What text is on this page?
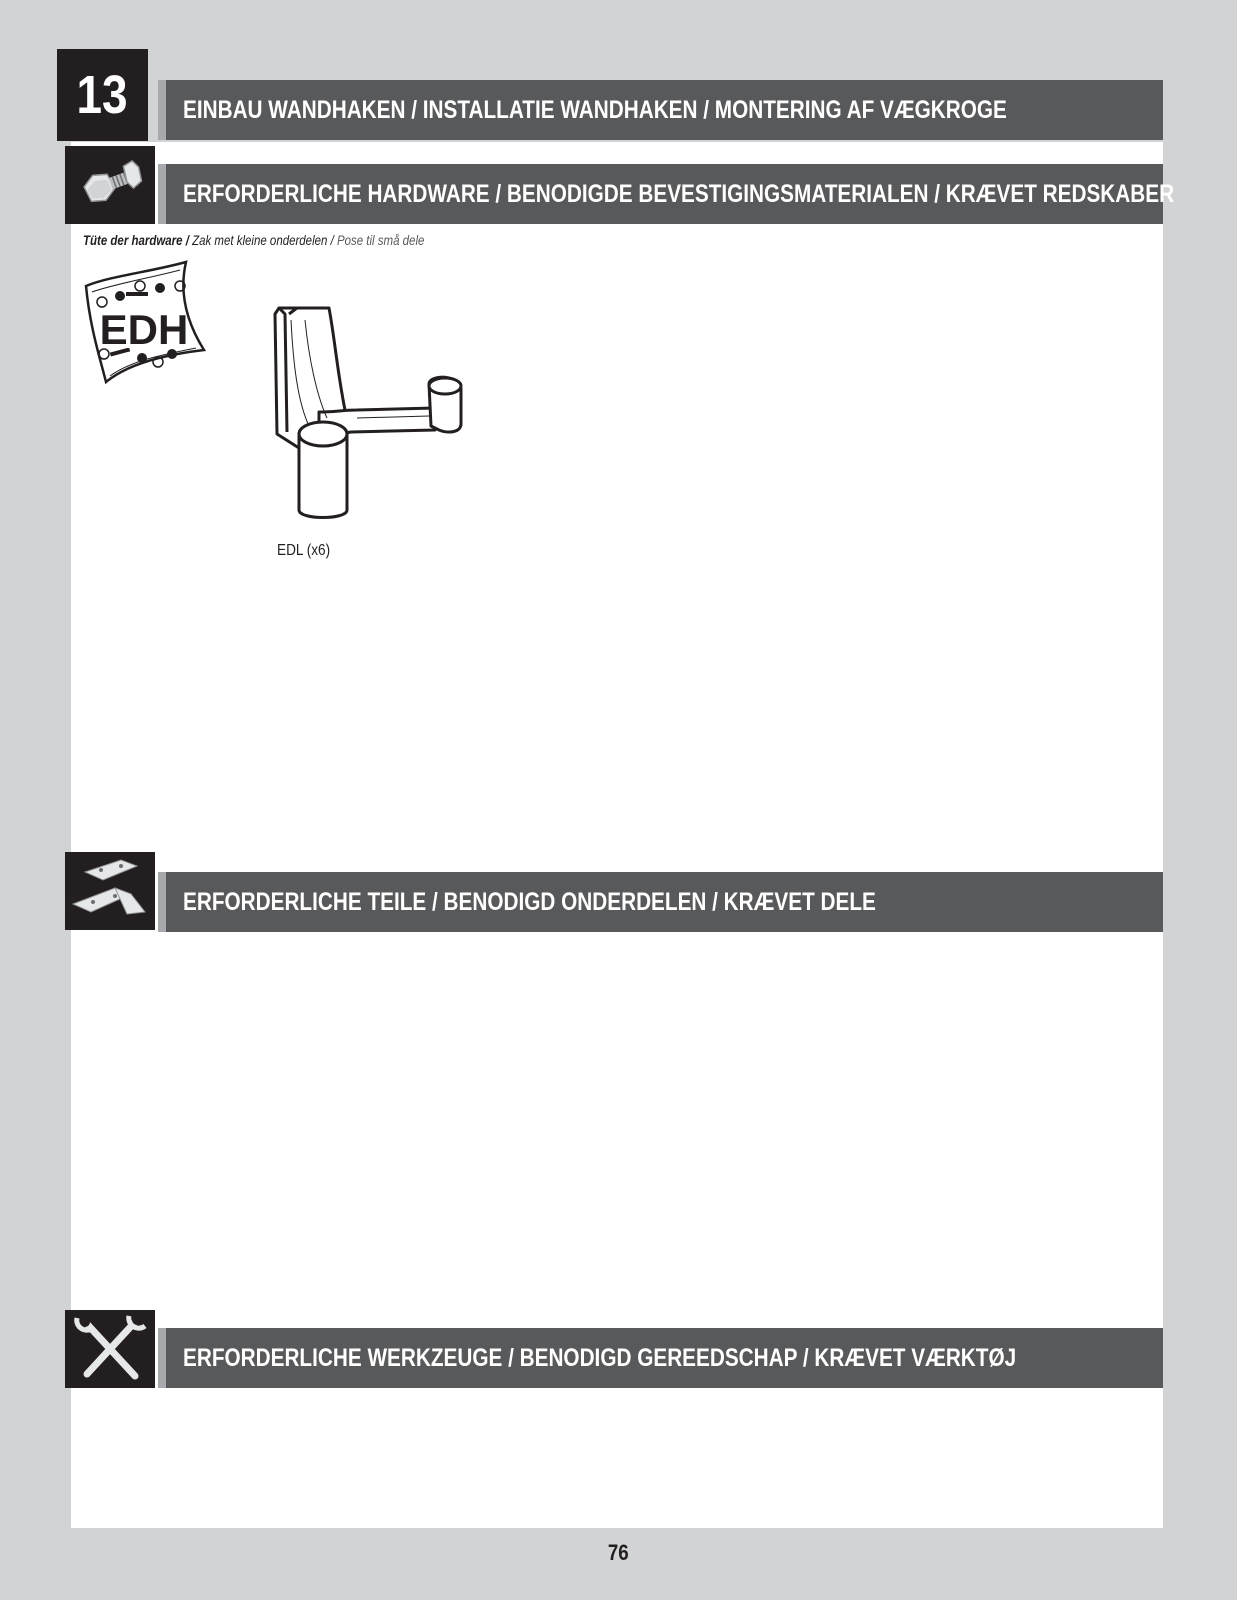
13	EINBAU WANDHAKEN / INSTALLATIE WANDHAKEN / MONTERING AF VÆGKROGE
ERFORDERLICHE HARDWARE / BENODIGDE BEVESTIGINGSMATERIALEN / KRÆVET REDSKABER
Tüte der hardware / Zak met kleine onderdelen / Pose til små dele
EDH
EDL (x6)
ERFORDERLICHE TEILE / BENODIGD ONDERDELEN / KRÆVET DELE
ERFORDERLICHE WERKZEUGE / BENODIGD GEREEDSCHAP / KRÆVET VÆRKTØJ
76
